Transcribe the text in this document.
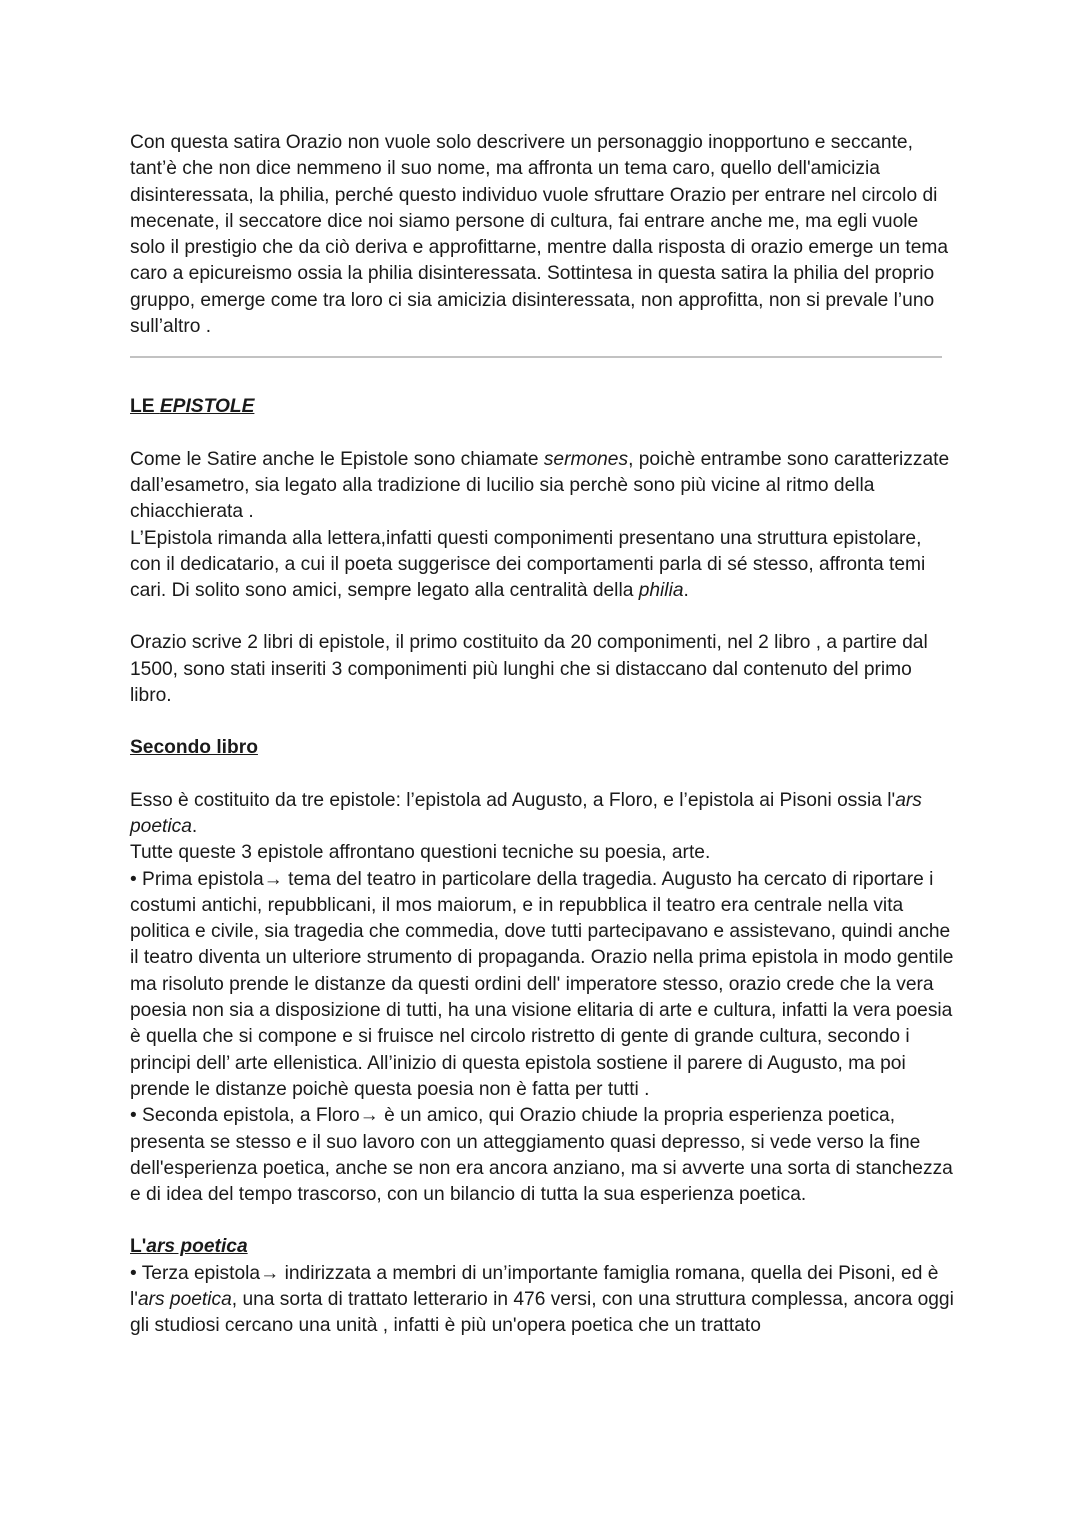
Con questa satira Orazio non vuole solo descrivere un personaggio inopportuno e seccante, tant’è che non dice nemmeno il suo nome, ma affronta un tema caro, quello dell'amicizia disinteressata, la philia, perché questo individuo vuole sfruttare Orazio per entrare nel circolo di mecenate, il seccatore dice noi siamo persone di cultura, fai entrare anche me, ma egli vuole solo il prestigio che da ciò deriva e approfittarne, mentre dalla risposta di orazio emerge un tema caro a epicureismo ossia la philia disinteressata. Sottintesa in questa satira la philia del proprio gruppo, emerge come tra loro ci sia amicizia disinteressata, non approfitta, non si prevale l’uno sull’altro .

LE EPISTOLE

Come le Satire anche le Epistole sono chiamate sermones, poichè entrambe sono caratterizzate dall’esametro, sia legato alla tradizione di lucilio sia perchè sono più vicine al ritmo della chiacchierata .

L’Epistola rimanda alla lettera,infatti questi componimenti presentano una struttura epistolare, con il dedicatario, a cui il poeta suggerisce dei comportamenti parla di sé stesso, affronta temi cari. Di solito sono amici, sempre legato alla centralità della philia.

Orazio scrive 2 libri di epistole, il primo costituito da 20 componimenti, nel 2 libro , a partire dal 1500, sono stati inseriti 3 componimenti più lunghi che si distaccano dal contenuto del primo libro.

Secondo libro

Esso è costituito da tre epistole: l’epistola ad Augusto, a Floro, e l’epistola ai Pisoni ossia l'ars poetica.

Tutte queste 3 epistole affrontano questioni tecniche su poesia, arte.

• Prima epistola→ tema del teatro in particolare della tragedia. Augusto ha cercato di riportare i costumi antichi, repubblicani, il mos maiorum, e in repubblica il teatro era centrale nella vita politica e civile, sia tragedia che commedia, dove tutti partecipavano e assistevano, quindi anche il teatro diventa un ulteriore strumento di propaganda. Orazio nella prima epistola in modo gentile ma risoluto prende le distanze da questi ordini dell' imperatore stesso, orazio crede che la vera poesia non sia a disposizione di tutti, ha una visione elitaria di arte e cultura, infatti la vera poesia è quella che si compone e si fruisce nel circolo ristretto di gente di grande cultura, secondo i principi dell’ arte ellenistica. All’inizio di questa epistola sostiene il parere di Augusto, ma poi prende le distanze poichè questa poesia non è fatta per tutti .

• Seconda epistola, a Floro→ è un amico, qui Orazio chiude la propria esperienza poetica, presenta se stesso e il suo lavoro con un atteggiamento quasi depresso, si vede verso la fine dell'esperienza poetica, anche se non era ancora anziano, ma si avverte una sorta di stanchezza e di idea del tempo trascorso, con un bilancio di tutta la sua esperienza poetica.

L'ars poetica

• Terza epistola→ indirizzata a membri di un’importante famiglia romana, quella dei Pisoni, ed è l'ars poetica, una sorta di trattato letterario in 476 versi, con una struttura complessa, ancora oggi gli studiosi cercano una unità , infatti è più un'opera poetica che un trattato
